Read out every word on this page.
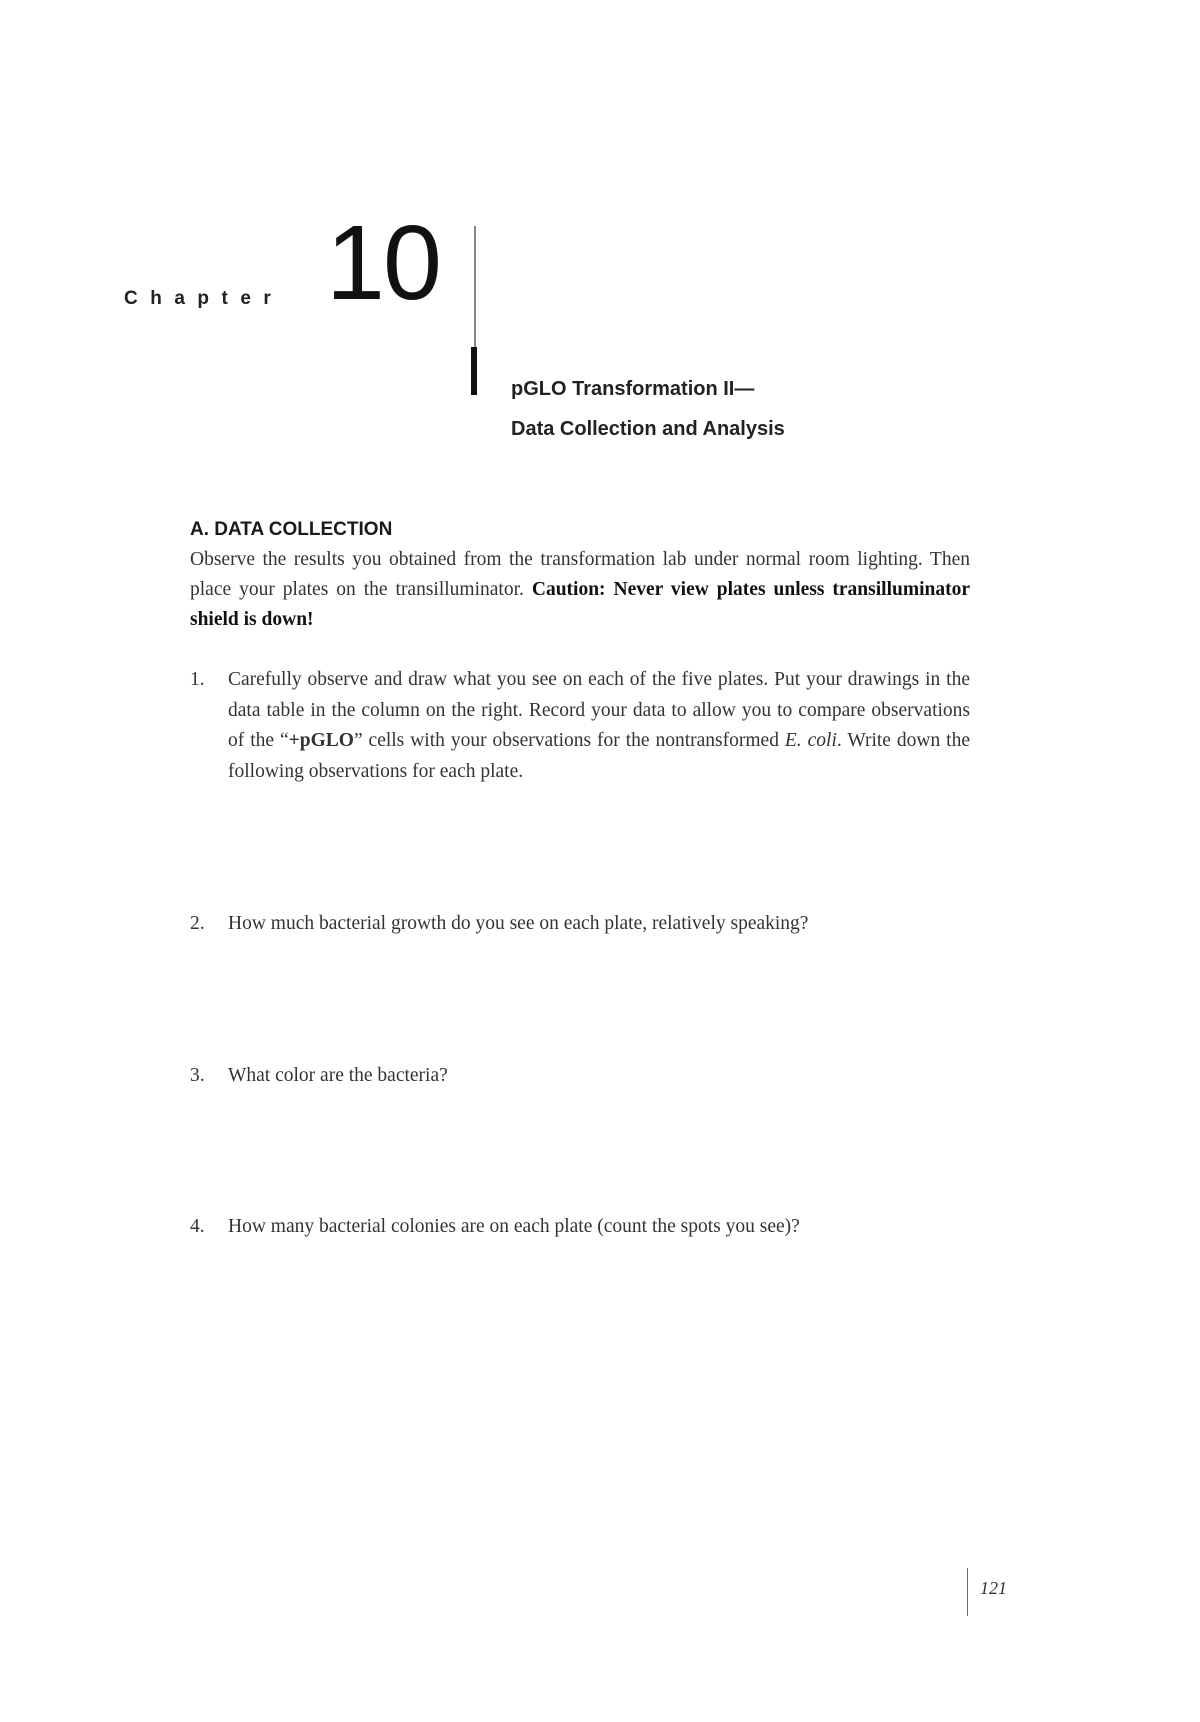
Chapter 10
pGLO Transformation II—
Data Collection and Analysis
A. DATA COLLECTION
Observe the results you obtained from the transformation lab under normal room lighting. Then place your plates on the transilluminator. Caution: Never view plates unless transilluminator shield is down!
1. Carefully observe and draw what you see on each of the five plates. Put your drawings in the data table in the column on the right. Record your data to allow you to compare observations of the “+pGLO” cells with your observations for the nontransformed E. coli. Write down the following observations for each plate.
2. How much bacterial growth do you see on each plate, relatively speaking?
3. What color are the bacteria?
4. How many bacterial colonies are on each plate (count the spots you see)?
121
